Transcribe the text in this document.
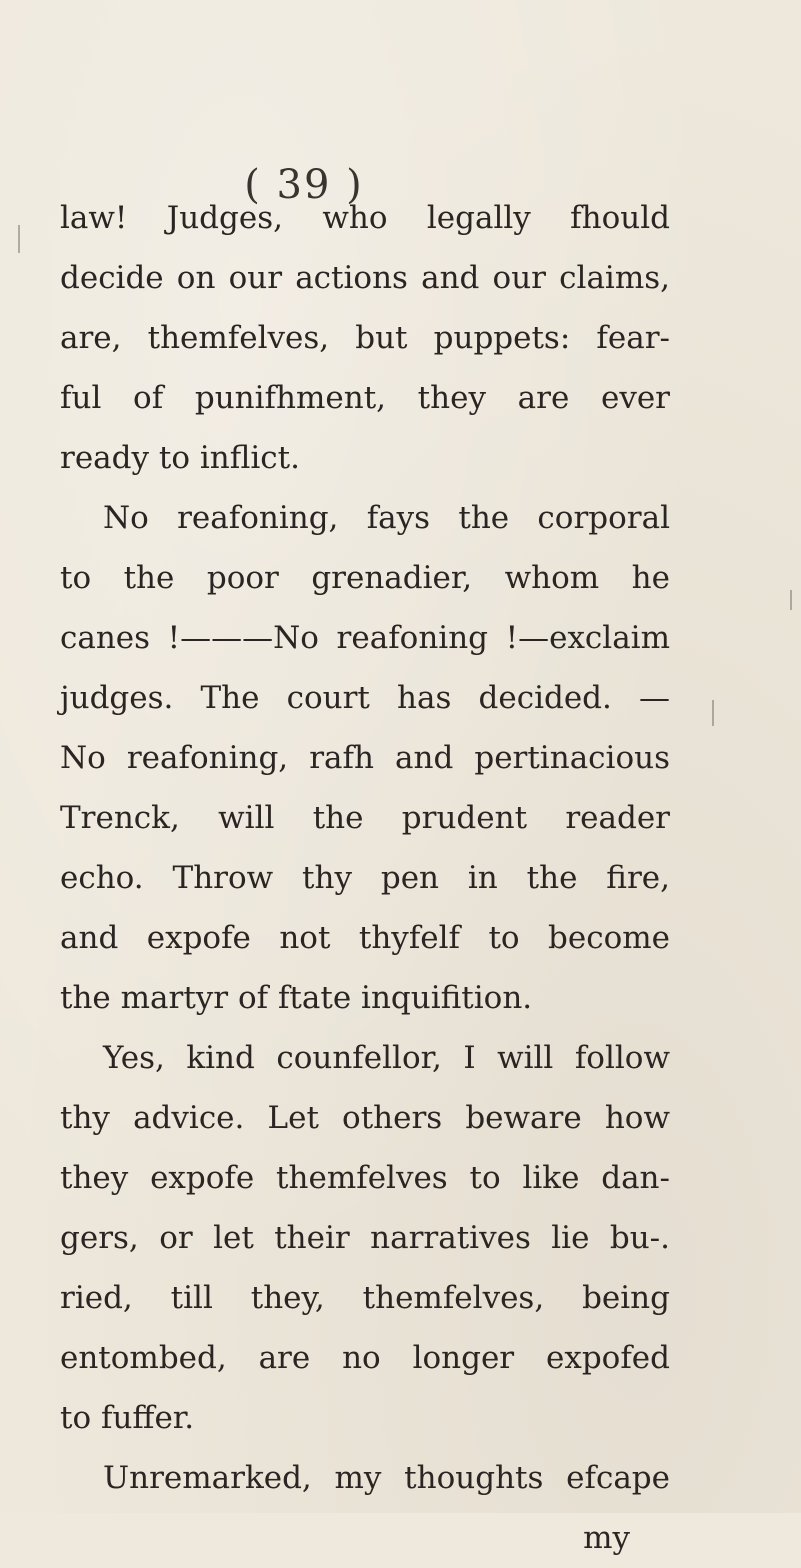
( 39 )
law! Judges, who legally fhould
decide on our actions and our claims,
are, themfelves, but puppets: fear-
ful of punifhment, they are ever
ready to inflict.
No reafoning, fays the corporal
to the poor grenadier, whom he
canes !———No reafoning !—exclaim
judges. The court has decided. —
No reafoning, rafh and pertinacious
Trenck, will the prudent reader
echo. Throw thy pen in the fire,
and expofe not thyfelf to become
the martyr of ftate inquifition.
Yes, kind counfellor, I will follow
thy advice. Let others beware how
they expofe themfelves to like dan-
gers, or let their narratives lie bu-.
ried, till they, themfelves, being
entombed, are no longer expofed
to fuffer.
Unremarked, my thoughts efcape
my
